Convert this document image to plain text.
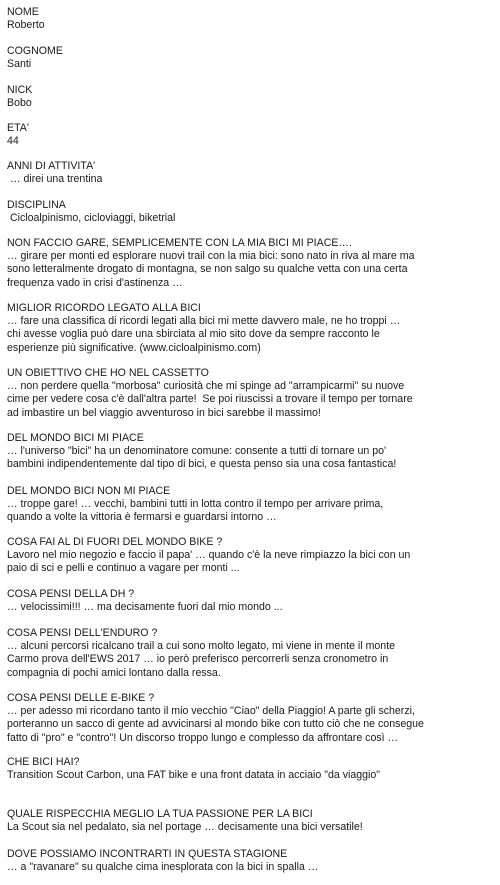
NOME
Roberto
COGNOME
Santi
NICK
Bobo
ETA'
44
ANNI DI ATTIVITA'
… direi una trentina
DISCIPLINA
Cicloalpinismo, cicloviaggi, biketrial
NON FACCIO GARE, SEMPLICEMENTE CON LA MIA BICI MI PIACE….
… girare per monti ed esplorare nuovi trail con la mia bici: sono nato in riva al mare ma
sono letteralmente drogato di montagna, se non salgo su qualche vetta con una certa
frequenza vado in crisi d'astinenza …
MIGLIOR RICORDO LEGATO ALLA BICI
… fare una classifica di ricordi legati alla bici mi mette davvero male, ne ho troppi …
chi avesse voglia può dare una sbirciata al mio sito dove da sempre racconto le
esperienze più significative. (www.cicloalpinismo.com)
UN OBIETTIVO CHE HO NEL CASSETTO
… non perdere quella "morbosa" curiosità che mi spinge ad "arrampicarmi" su nuove
cime per vedere cosa c'è dall'altra parte!  Se poi riuscissi a trovare il tempo per tornare
ad imbastire un bel viaggio avventuroso in bici sarebbe il massimo!
DEL MONDO BICI MI PIACE
… l'universo "bici" ha un denominatore comune: consente a tutti di tornare un po'
bambini indipendentemente dal tipo di bici, e questa penso sia una cosa fantastica!
DEL MONDO BICI NON MI PIACE
… troppe gare! … vecchi, bambini tutti in lotta contro il tempo per arrivare prima,
quando a volte la vittoria è fermarsi e guardarsi intorno …
COSA FAI AL DI FUORI DEL MONDO BIKE ?
Lavoro nel mio negozio e faccio il papa' … quando c'è la neve rimpiazzo la bici con un
paio di sci e pelli e continuo a vagare per monti ...
COSA PENSI DELLA DH ?
… velocissimi!!! … ma decisamente fuori dal mio mondo ...
COSA PENSI DELL'ENDURO ?
… alcuni percorsi ricalcano trail a cui sono molto legato, mi viene in mente il monte
Carmo prova dell'EWS 2017 … io però preferisco percorrerli senza cronometro in
compagnia di pochi amici lontano dalla ressa.
COSA PENSI DELLE E-BIKE ?
… per adesso mi ricordano tanto il mio vecchio "Ciao" della Piaggio! A parte gli scherzi,
porteranno un sacco di gente ad avvicinarsi al mondo bike con tutto ciò che ne consegue
fatto di "pro" e "contro"! Un discorso troppo lungo e complesso da affrontare così …
CHE BICI HAI?
Transition Scout Carbon, una FAT bike e una front datata in acciaio "da viaggio"
QUALE RISPECCHIA MEGLIO LA TUA PASSIONE PER LA BICI
La Scout sia nel pedalato, sia nel portage … decisamente una bici versatile!
DOVE POSSIAMO INCONTRARTI IN QUESTA STAGIONE
… a "ravanare" su qualche cima inesplorata con la bici in spalla …
